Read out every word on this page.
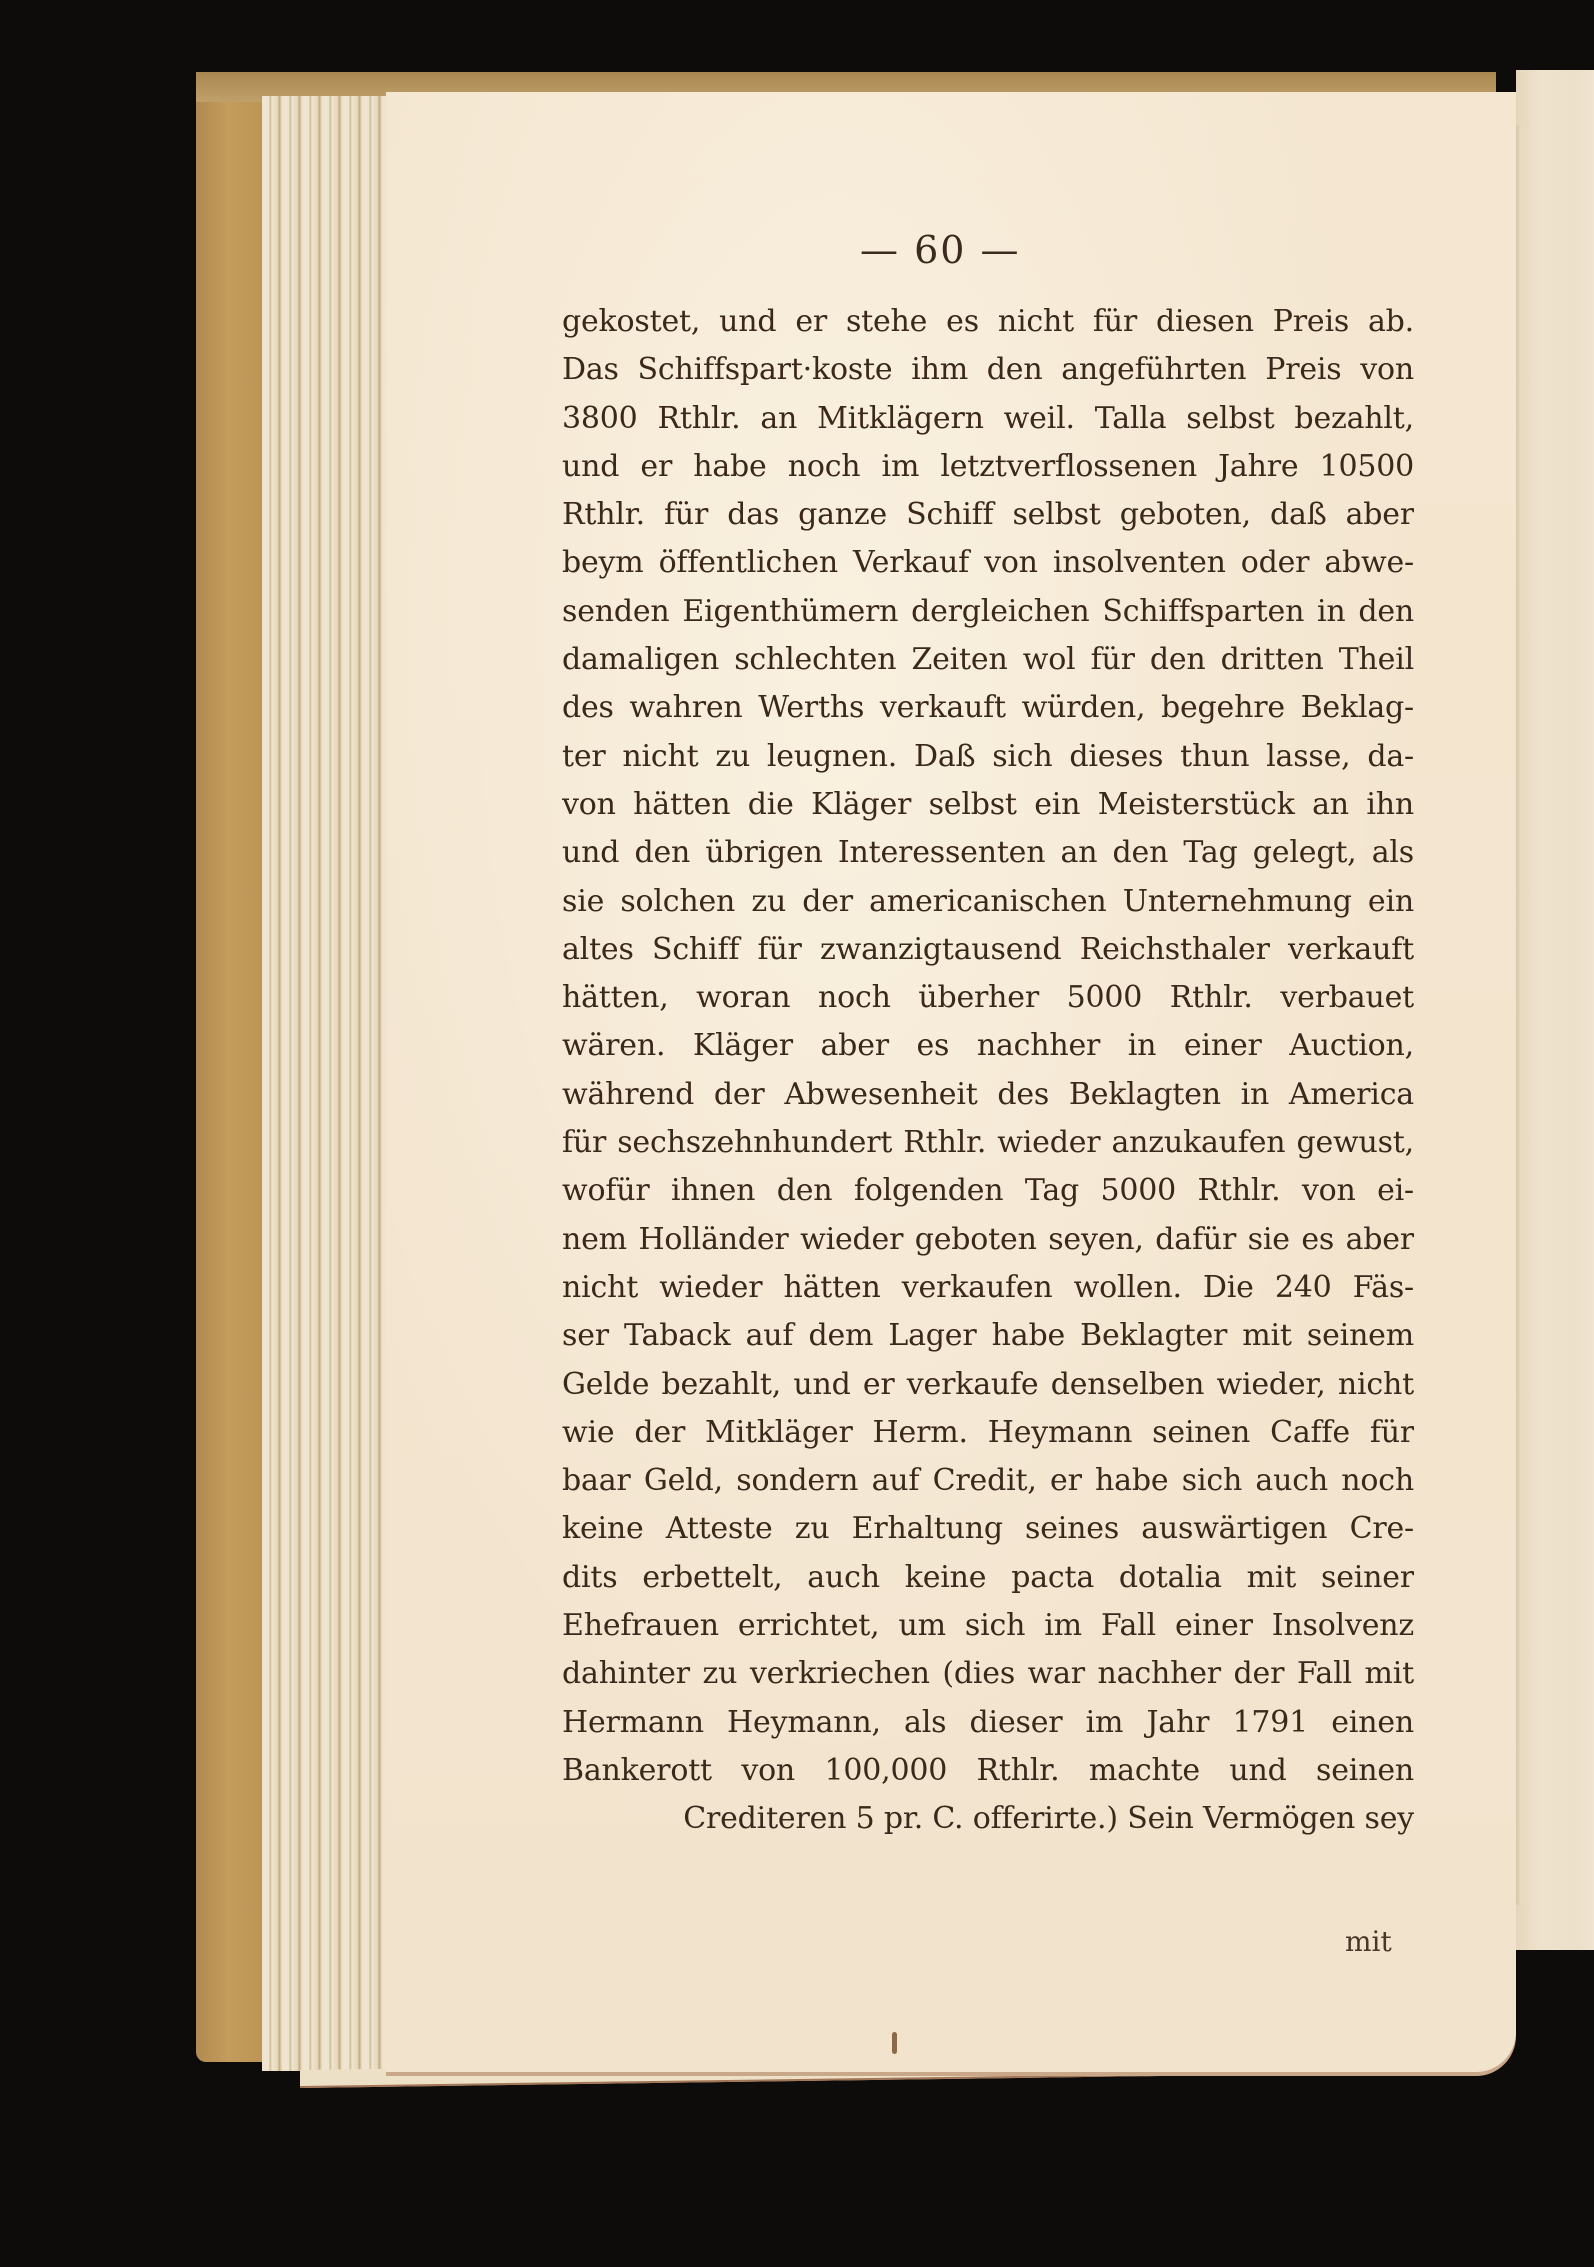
— 60 —
gekostet, und er stehe es nicht für diesen Preis ab.
Das Schiffspart·koste ihm den angeführten Preis von
3800 Rthlr. an Mitklägern weil. Talla selbst bezahlt,
und er habe noch im letztverflossenen Jahre 10500
Rthlr. für das ganze Schiff selbst geboten, daß aber
beym öffentlichen Verkauf von insolventen oder abwe-
senden Eigenthümern dergleichen Schiffsparten in den
damaligen schlechten Zeiten wol für den dritten Theil
des wahren Werths verkauft würden, begehre Beklag-
ter nicht zu leugnen. Daß sich dieses thun lasse, da-
von hätten die Kläger selbst ein Meisterstück an ihn
und den übrigen Interessenten an den Tag gelegt, als
sie solchen zu der americanischen Unternehmung ein
altes Schiff für zwanzigtausend Reichsthaler verkauft
hätten, woran noch überher 5000 Rthlr. verbauet
wären. Kläger aber es nachher in einer Auction,
während der Abwesenheit des Beklagten in America
für sechszehnhundert Rthlr. wieder anzukaufen gewust,
wofür ihnen den folgenden Tag 5000 Rthlr. von ei-
nem Holländer wieder geboten seyen, dafür sie es aber
nicht wieder hätten verkaufen wollen. Die 240 Fäs-
ser Taback auf dem Lager habe Beklagter mit seinem
Gelde bezahlt, und er verkaufe denselben wieder, nicht
wie der Mitkläger Herm. Heymann seinen Caffe für
baar Geld, sondern auf Credit, er habe sich auch noch
keine Atteste zu Erhaltung seines auswärtigen Cre-
dits erbettelt, auch keine pacta dotalia mit seiner
Ehefrauen errichtet, um sich im Fall einer Insolvenz
dahinter zu verkriechen (dies war nachher der Fall mit
Hermann Heymann, als dieser im Jahr 1791 einen
Bankerott von 100,000 Rthlr. machte und seinen
Crediteren 5 pr. C. offerirte.) Sein Vermögen sey
mit
